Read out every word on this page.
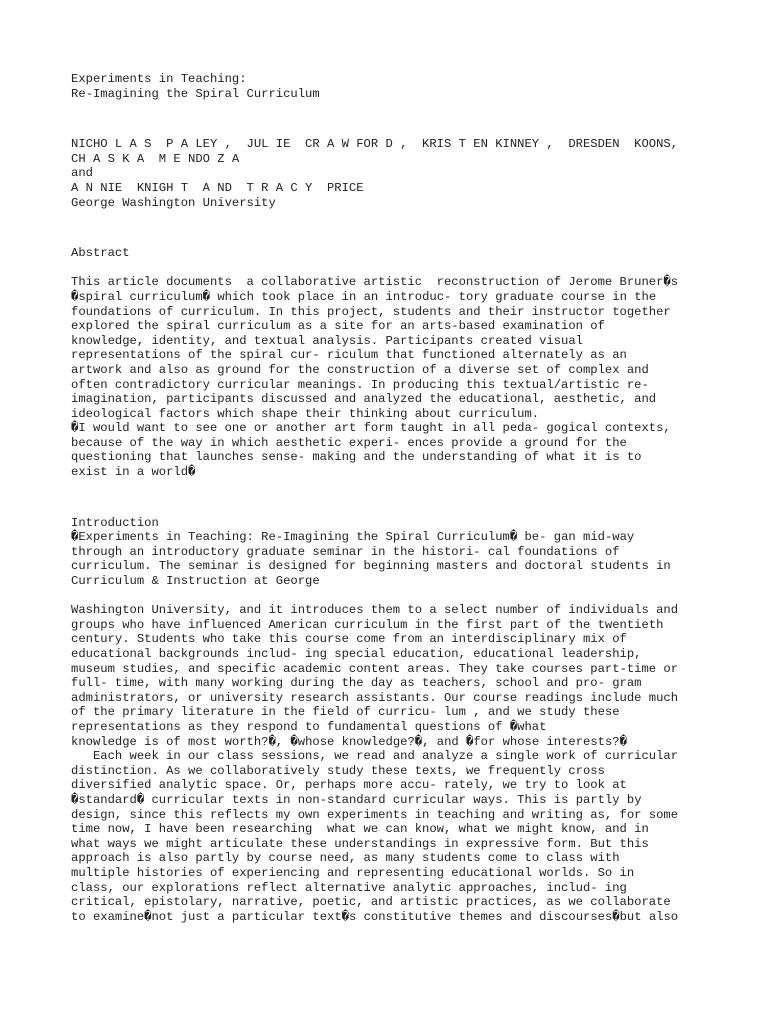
Experiments in Teaching:
Re-Imagining the Spiral Curriculum
NICHO L A S  P A LEY ,  JUL IE  CR A W FOR D ,  KRIS T EN KINNEY ,  DRESDEN  KOONS,
CH A S K A  M E NDO Z A
and
A N NIE  KNIGH T  A ND  T R A C Y  PRICE
George Washington University
Abstract

This article documents  a collaborative artistic  reconstruction of Jerome Bruner�s
�spiral curriculum� which took place in an introduc- tory graduate course in the
foundations of curriculum. In this project, students and their instructor together
explored the spiral curriculum as a site for an arts-based examination of
knowledge, identity, and textual analysis. Participants created visual
representations of the spiral cur- riculum that functioned alternately as an
artwork and also as ground for the construction of a diverse set of complex and
often contradictory curricular meanings. In producing this textual/artistic re-
imagination, participants discussed and analyzed the educational, aesthetic, and
ideological factors which shape their thinking about curriculum.
�I would want to see one or another art form taught in all peda- gogical contexts,
because of the way in which aesthetic experi- ences provide a ground for the
questioning that launches sense- making and the understanding of what it is to
exist in a world�

Introduction

�Experiments in Teaching: Re-Imagining the Spiral Curriculum� be- gan mid-way
through an introductory graduate seminar in the histori- cal foundations of
curriculum. The seminar is designed for beginning masters and doctoral students in
Curriculum & Instruction at George

Washington University, and it introduces them to a select number of individuals and
groups who have influenced American curriculum in the first part of the twentieth
century. Students who take this course come from an interdisciplinary mix of
educational backgrounds includ- ing special education, educational leadership,
museum studies, and specific academic content areas. They take courses part-time or
full- time, with many working during the day as teachers, school and pro- gram
administrators, or university research assistants. Our course readings include much
of the primary literature in the field of curricu- lum , and we study these
representations as they respond to fundamental questions of �what
knowledge is of most worth?�, �whose knowledge?�, and �for whose interests?�

Each week in our class sessions, we read and analyze a single work of curricular
distinction. As we collaboratively study these texts, we frequently cross
diversified analytic space. Or, perhaps more accu- rately, we try to look at
�standard� curricular texts in non-standard curricular ways. This is partly by
design, since this reflects my own experiments in teaching and writing as, for some
time now, I have been researching  what we can know, what we might know, and in
what ways we might articulate these understandings in expressive form. But this
approach is also partly by course need, as many students come to class with
multiple histories of experiencing and representing educational worlds. So in
class, our explorations reflect alternative analytic approaches, includ- ing
critical, epistolary, narrative, poetic, and artistic practices, as we collaborate
to examine�not just a particular text�s constitutive themes and discourses�but also
